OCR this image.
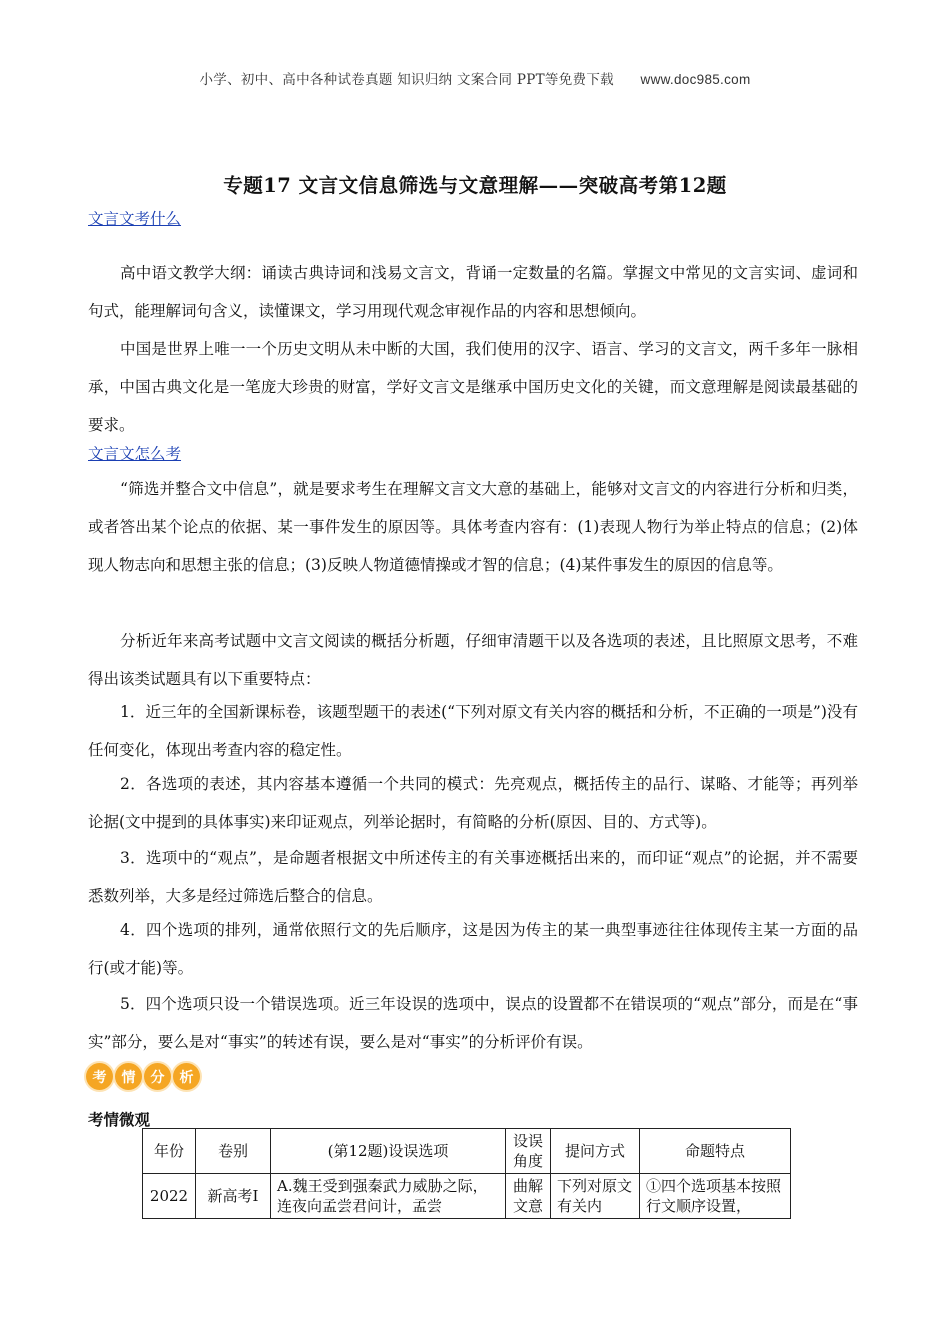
小学、初中、高中各种试卷真题 知识归纳 文案合同 PPT等免费下载 www.doc985.com
专题17 文言文信息筛选与文意理解——突破高考第12题
文言文考什么
高中语文教学大纲：诵读古典诗词和浅易文言文，背诵一定数量的名篇。掌握文中常见的文言实词、虚词和句式，能理解词句含义，读懂课文，学习用现代观念审视作品的内容和思想倾向。
中国是世界上唯一一个历史文明从未中断的大国，我们使用的汉字、语言、学习的文言文，两千多年一脉相承，中国古典文化是一笔庞大珍贵的财富，学好文言文是继承中国历史文化的关键，而文意理解是阅读最基础的要求。
文言文怎么考
“筛选并整合文中信息”，就是要求考生在理解文言文大意的基础上，能够对文言文的内容进行分析和归类，或者答出某个论点的依据、某一事件发生的原因等。具体考查内容有：(1)表现人物行为举止特点的信息；(2)体现人物志向和思想主张的信息；(3)反映人物道德情操或才智的信息；(4)某件事发生的原因的信息等。
分析近年来高考试题中文言文阅读的概括分析题，仔细审清题干以及各选项的表述，且比照原文思考，不难得出该类试题具有以下重要特点：
1．近三年的全国新课标卷，该题型题干的表述(“下列对原文有关内容的概括和分析，不正确的一项是”)没有任何变化，体现出考查内容的稳定性。
2．各选项的表述，其内容基本遵循一个共同的模式：先亮观点，概括传主的品行、谋略、才能等；再列举论据(文中提到的具体事实)来印证观点，列举论据时，有简略的分析(原因、目的、方式等)。
3．选项中的“观点”，是命题者根据文中所述传主的有关事迹概括出来的，而印证“观点”的论据，并不需要悉数列举，大多是经过筛选后整合的信息。
4．四个选项的排列，通常依照行文的先后顺序，这是因为传主的某一典型事迹往往体现传主某一方面的品行(或才能)等。
5．四个选项只设一个错误选项。近三年设误的选项中，误点的设置都不在错误项的“观点”部分，而是在“事实”部分，要么是对“事实”的转述有误，要么是对“事实”的分析评价有误。
考	情	分	析
考情微观
年份	卷别	(第12题)设误选项	设误角度	提问方式	命题特点
2022	新高考Ⅰ	A.魏王受到强秦武力威胁之际，连夜向孟尝君问计，孟尝	曲解文意	下列对原文有关内	①四个选项基本按照行文顺序设置，
